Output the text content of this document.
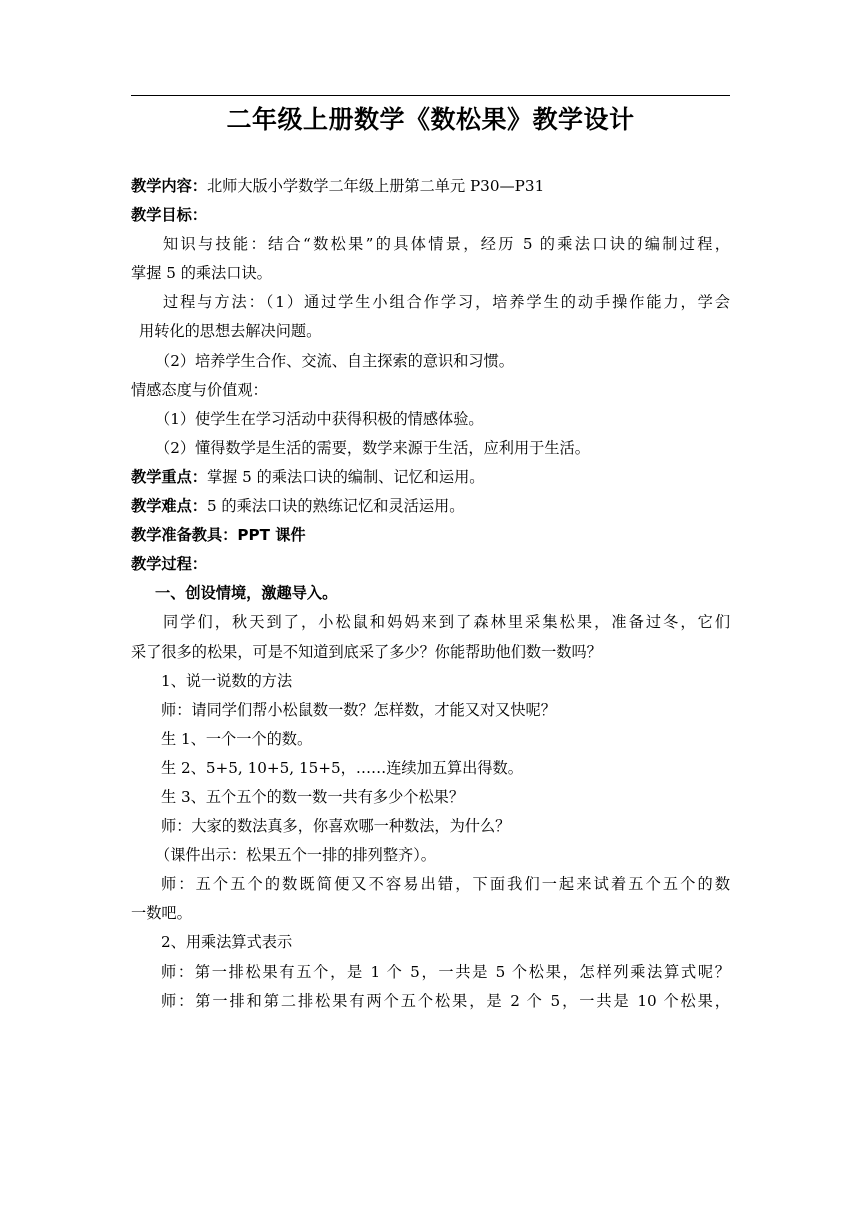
二年级上册数学《数松果》教学设计
教学内容：北师大版小学数学二年级上册第二单元 P30—P31
教学目标：
知识与技能：结合“数松果”的具体情景，经历 5 的乘法口诀的编制过程，
掌握 5 的乘法口诀。
过程与方法：（1）通过学生小组合作学习，培养学生的动手操作能力，学会
用转化的思想去解决问题。
（2）培养学生合作、交流、自主探索的意识和习惯。
情感态度与价值观：
（1）使学生在学习活动中获得积极的情感体验。
（2）懂得数学是生活的需要，数学来源于生活，应利用于生活。
教学重点：掌握 5 的乘法口诀的编制、记忆和运用。
教学难点：5 的乘法口诀的熟练记忆和灵活运用。
教学准备教具：PPT 课件
教学过程：
一、创设情境，激趣导入。
同学们，秋天到了，小松鼠和妈妈来到了森林里采集松果，准备过冬，它们
采了很多的松果，可是不知道到底采了多少？你能帮助他们数一数吗？
1、说一说数的方法
师：请同学们帮小松鼠数一数？怎样数，才能又对又快呢？
生 1、一个一个的数。
生 2、5+5, 10+5, 15+5，……连续加五算出得数。
生 3、五个五个的数一数一共有多少个松果？
师：大家的数法真多，你喜欢哪一种数法，为什么？
（课件出示：松果五个一排的排列整齐）。
师：五个五个的数既简便又不容易出错，下面我们一起来试着五个五个的数
一数吧。
2、用乘法算式表示
师：第一排松果有五个，是 1 个 5，一共是 5 个松果，怎样列乘法算式呢？
师：第一排和第二排松果有两个五个松果，是 2 个 5，一共是 10 个松果，
